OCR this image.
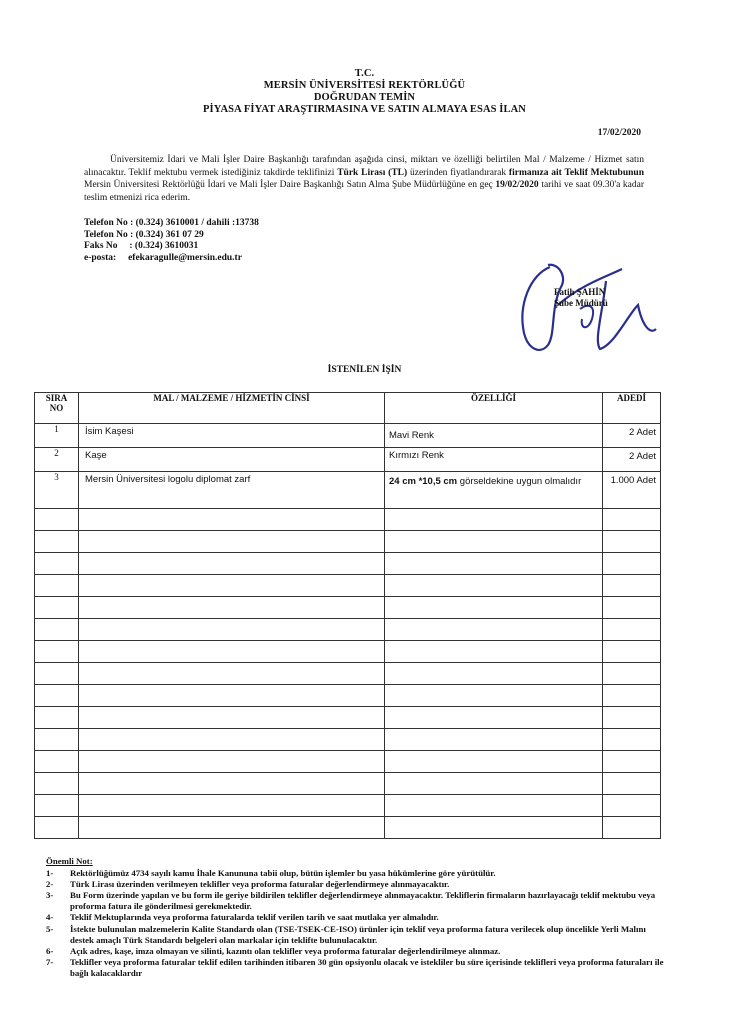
T.C.
MERSİN ÜNİVERSİTESİ REKTÖRLÜĞÜ
DOĞRUDAN TEMİN
PİYASA FİYAT ARAŞTIRMASINA VE SATIN ALMAYA ESAS İLAN
17/02/2020
Üniversitemiz İdari ve Mali İşler Daire Başkanlığı tarafından aşağıda cinsi, miktarı ve özelliği belirtilen Mal / Malzeme / Hizmet satın alınacaktır. Teklif mektubu vermek istediğiniz takdirde teklifinizi Türk Lirası (TL) üzerinden fiyatlandırarak firmanıza ait Teklif Mektubunun Mersin Üniversitesi Rektörlüğü İdari ve Mali İşler Daire Başkanlığı Satın Alma Şube Müdürlüğüne en geç 19/02/2020 tarihi ve saat 09.30'a kadar teslim etmenizi rica ederim.
Telefon No : (0.324) 3610001 / dahili :13738
Telefon No : (0.324) 361 07 29
Faks No     : (0.324) 3610031
e-posta:     efekaragulle@mersin.edu.tr
Fatih ŞAHİN
Şube Müdürü
İSTENİLEN İŞİN
SIRA
NO	MAL / MALZEME / HİZMETİN CİNSİ	ÖZELLİĞİ	ADEDİ
1	İsim Kaşesi	Mavi Renk	2 Adet
2	Kaşe	Kırmızı Renk	2 Adet
3	Mersin Üniversitesi logolu diplomat zarf	24 cm *10,5 cm görseldekine uygun olmalıdır	1.000 Adet

Önemli Not:
1-	Rektörlüğümüz 4734 sayılı kamu İhale Kanununa tabii olup, bütün işlemler bu yasa hükümlerine göre yürütülür.
2-	Türk Lirası üzerinden verilmeyen teklifler veya proforma faturalar değerlendirmeye alınmayacaktır.
3-	Bu Form üzerinde yapılan ve bu form ile geriye bildirilen teklifler değerlendirmeye alınmayacaktır. Tekliflerin firmaların hazırlayacağı teklif mektubu veya proforma fatura ile gönderilmesi gerekmektedir.
4-	Teklif Mektuplarında veya proforma faturalarda teklif verilen tarih ve saat mutlaka yer almalıdır.
5-	İstekte bulunulan malzemelerin Kalite Standardı olan (TSE-TSEK-CE-ISO) ürünler için teklif veya proforma fatura verilecek olup öncelikle Yerli Malını destek amaçlı Türk Standardı belgeleri olan markalar için teklifte bulunulacaktır.
6-	Açık adres, kaşe, imza olmayan ve silinti, kazıntı olan teklifler veya proforma faturalar değerlendirilmeye alınmaz.
7-	Teklifler veya proforma faturalar teklif edilen tarihinden itibaren 30 gün opsiyonlu olacak ve istekliler bu süre içerisinde teklifleri veya proforma faturaları ile bağlı kalacaklardır
